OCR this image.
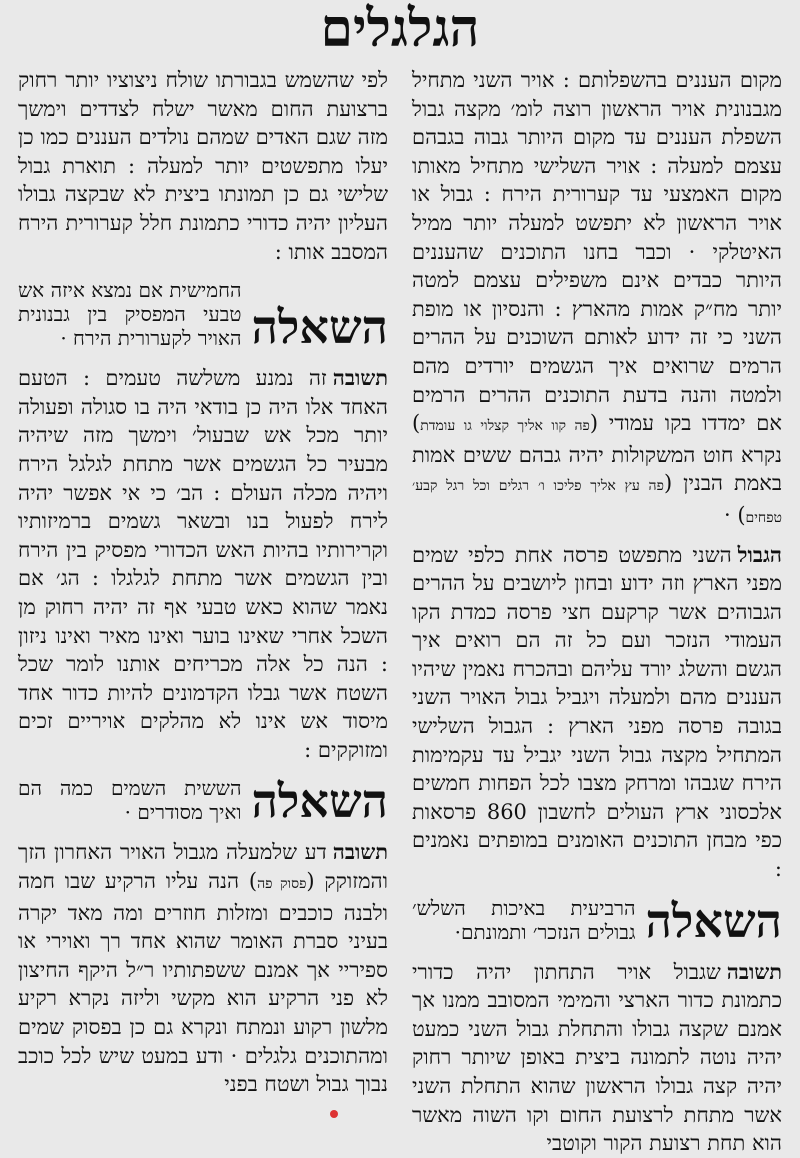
הגלגלים

מקום העננים בהשפלותם : אויר השני מתחיל מגבנונית אויר הראשון רוצה לומ׳ מקצה גבול השפלת העננים עד מקום היותר גבוה בגבהם עצמם למעלה : אויר השלישי מתחיל מאותו מקום האמצעי עד קערורית הירח : גבול או אויר הראשון לא יתפשט למעלה יותר ממיל האיטלקי · וכבר בחנו התוכנים שהעננים היותר כבדים אינם משפילים עצמם למטה יותר מח״ק אמות מהארץ : והנסיון או מופת השני כי זה ידוע לאותם השוכנים על ההרים הרמים שרואים איך הגשמים יורדים מהם ולמטה והנה בדעת התוכנים ההרים הרמים אם ימדדו בקו עמודי (פה קוו אליך קצלוי גו עומדת) נקרא חוט המשקולות יהיה גבהם ששים אמות באמת הבנין (פה עץ אליך פליכו ו׳ רגלים וכל רגל קבע׳ טפחים) ·

הגבולהשני מתפשט פרסה אחת כלפי שמים מפני הארץ וזה ידוע ובחון ליושבים על ההרים הגבוהים אשר קרקעם חצי פרסה כמדת הקו העמודי הנזכר ועם כל זה הם רואים איך הגשם והשלג יורד עליהם ובהכרח נאמין שיהיו העננים מהם ולמעלה ויגביל גבול האויר השני בגובה פרסה מפני הארץ : הגבול השלישי המתחיל מקצה גבול השני יגביל עד עקמימות הירח שגבהו ומרחק מצבו לכל הפחות חמשים אלכסוני ארץ העולים לחשבון 860 פרסאות כפי מבחן התוכנים האומנים במופתים נאמנים :

השאלה
הרביעית באיכות השלש׳ גבולים הנזכר׳ ותמונתם·

תשובהשגבול אויר התחתון יהיה כדורי כתמונת כדור הארצי והמימי המסובב ממנו אך אמנם שקצה גבולו והתחלת גבול השני כמעט יהיה נוטה לתמונה ביצית באופן שיותר רחוק יהיה קצה גבולו הראשון שהוא התחלת השני אשר מתחת לרצועת החום וקו השוה מאשר הוא תחת רצועת הקור וקוטבי

לפי שהשמש בגבורתו שולח ניצוציו יותר רחוק ברצועת החום מאשר ישלח לצדדים וימשך מזה שגם האדים שמהם נולדים העננים כמו כן יעלו מתפשטים יותר למעלה : תוארת גבול שלישי גם כן תמונתו ביצית לא שבקצה גבולו העליון יהיה כדורי כתמונת חלל קערורית הירח המסבב אותו :

השאלה
החמישית אם נמצא איזה אש טבעי המפסיק בין גבנונית האויר לקערורית הירח ·

תשובהזה נמנע משלשה טעמים : הטעם האחד אלו היה כן בודאי היה בו סגולה ופעולה יותר מכל אש שבעול׳ וימשך מזה שיהיה מבעיר כל הגשמים אשר מתחת לגלגל הירח ויהיה מכלה העולם : הב׳ כי אי אפשר יהיה לירח לפעול בנו ובשאר גשמים ברמיזותיו וקרירותיו בהיות האש הכדורי מפסיק בין הירח ובין הגשמים אשר מתחת לגלגלו : הג׳ אם נאמר שהוא כאש טבעי אף זה יהיה רחוק מן השכל אחרי שאינו בוער ואינו מאיר ואינו ניזון : הנה כל אלה מכריחים אותנו לומר שכל השטח אשר גבלו הקדמונים להיות כדור אחד מיסוד אש אינו לא מהלקים אויריים זכים ומזוקקים :

השאלה
הששית השמים כמה הם ואיך מסודרים ·

תשובהדע שלמעלה מגבול האויר האחרון הזך והמזוקק (פסוק פה) הנה עליו הרקיע שבו חמה ולבנה כוכבים ומזלות חוזרים ומה מאד יקרה בעיני סברת האומר שהוא אחד רך ואוירי או ספיריי אך אמנם ששפתותיו ר״ל היקף החיצון לא פני הרקיע הוא מקשי וליזה נקרא רקיע מלשון רקוע ונמתח ונקרא גם כן בפסוק שמים ומהתוכנים גלגלים · ודע במעט שיש לכל כוכב נבוך גבול ושטח בפני
